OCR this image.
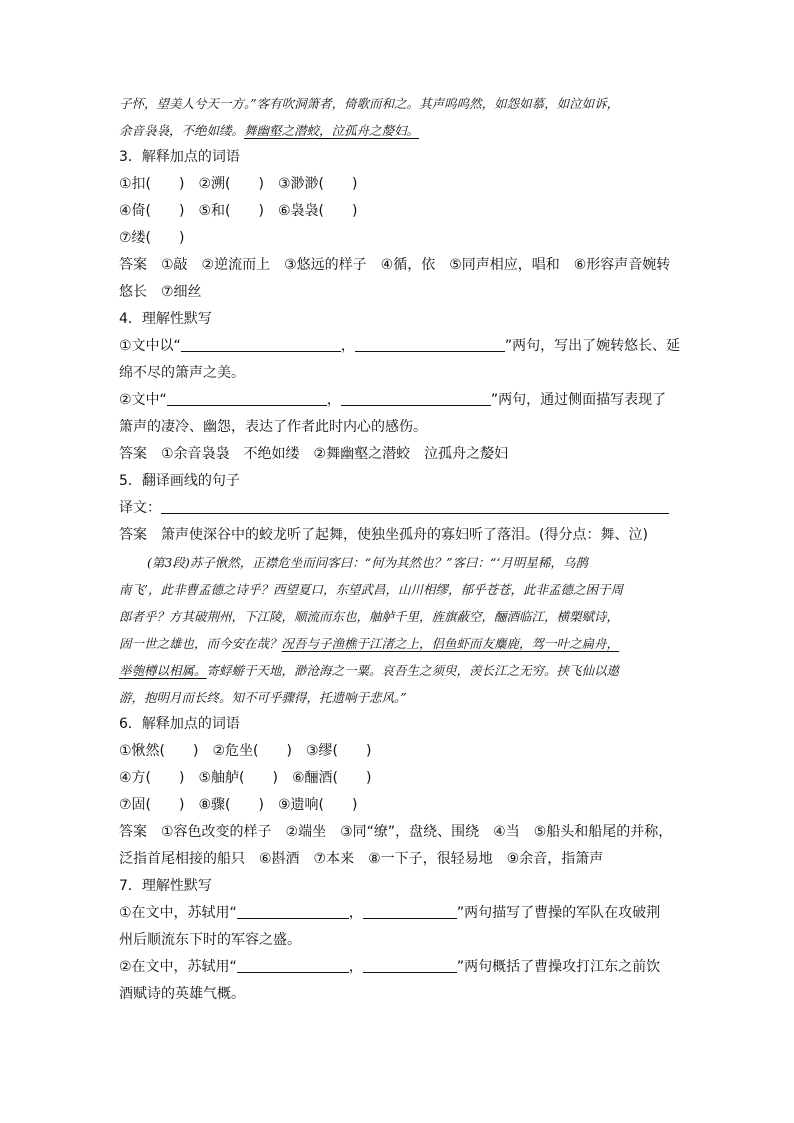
子怀，望美人兮天一方。”客有吹洞箫者，倚歌而和之。其声呜呜然，如怨如慕，如泣如诉，
余音袅袅，不绝如缕。舞幽壑之潜蛟，泣孤舟之嫠妇。
3．解释加点的词语
①扣(　　)　②溯(　　)　③渺渺(　　)
④倚(　　)　⑤和(　　)　⑥袅袅(　　)
⑦缕(　　)
答案　①敲　②逆流而上　③悠远的样子　④循，依　⑤同声相应，唱和　⑥形容声音婉转
悠长　⑦细丝
4．理解性默写
①文中以“	，	”两句，写出了婉转悠长、延
绵不尽的箫声之美。
②文中“	，	”两句，通过侧面描写表现了
箫声的凄冷、幽怨，表达了作者此时内心的感伤。
答案　①余音袅袅　不绝如缕　②舞幽壑之潜蛟　泣孤舟之嫠妇
5．翻译画线的句子
译文：
答案　箫声使深谷中的蛟龙听了起舞，使独坐孤舟的寡妇听了落泪。(得分点：舞、泣)
(第3段)苏子愀然，正襟危坐而问客曰：“何为其然也？”客曰：“‘月明星稀，乌鹊
南飞’，此非曹孟德之诗乎？西望夏口，东望武昌，山川相缪，郁乎苍苍，此非孟德之困于周
郎者乎？方其破荆州，下江陵，顺流而东也，舳舻千里，旌旗蔽空，酾酒临江，横槊赋诗，
固一世之雄也，而今安在哉？况吾与子渔樵于江渚之上，侣鱼虾而友麋鹿，驾一叶之扁舟，
举匏樽以相属。寄蜉蝣于天地，渺沧海之一粟。哀吾生之须臾，羡长江之无穷。挟飞仙以遨
游，抱明月而长终。知不可乎骤得，托遗响于悲风。”
6．解释加点的词语
①愀然(　　)　②危坐(　　)　③缪(　　)
④方(　　)　⑤舳舻(　　)　⑥酾酒(　　)
⑦固(　　)　⑧骤(　　)　⑨遗响(　　)
答案　①容色改变的样子　②端坐　③同“缭”，盘绕、围绕　④当　⑤船头和船尾的并称，
泛指首尾相接的船只　⑥斟酒　⑦本来　⑧一下子，很轻易地　⑨余音，指箫声
7．理解性默写
①在文中，苏轼用“	，	”两句描写了曹操的军队在攻破荆
州后顺流东下时的军容之盛。
②在文中，苏轼用“	，	”两句概括了曹操攻打江东之前饮
酒赋诗的英雄气概。
